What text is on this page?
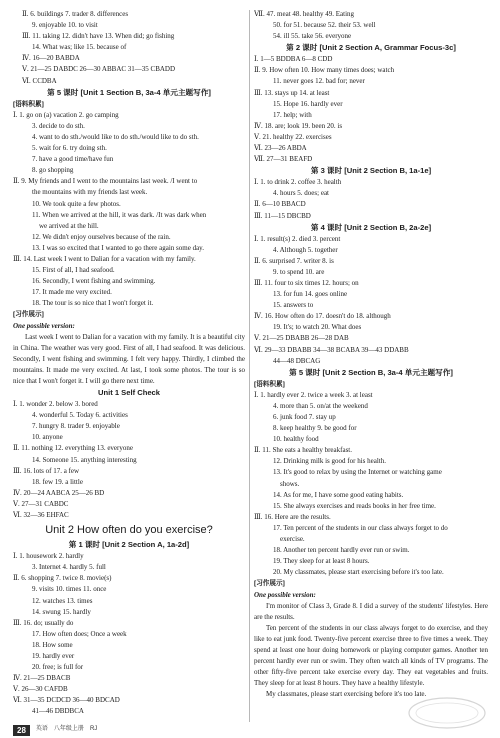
Ⅱ. 6. buildings 7. trader 8. differences
9. enjoyable 10. to visit
Ⅲ. 11. taking 12. didn't have 13. When did; go fishing
14. What was; like 15. because of
Ⅳ. 16—20 BABDA
Ⅴ. 21—25 DABDC 26—30 ABBAC 31—35 CBADD
Ⅵ. CCDBA
第 5 课时 [Unit 1 Section B, 3a-4 单元主题写作]
[语料积累]
Ⅰ. 1. go on (a) vacation 2. go camping
3. decide to do sth.
4. want to do sth./would like to do sth./would like to do sth.
5. wait for 6. try doing sth.
7. have a good time/have fun
8. go shopping
Ⅱ. 9. My friends and I went to the mountains last week. /I went to
the mountains with my friends last week.
10. We took quite a few photos.
11. When we arrived at the hill, it was dark. /It was dark when
we arrived at the hill.
12. We didn't enjoy ourselves because of the rain.
13. I was so excited that I wanted to go there again some day.
Ⅲ. 14. Last week I went to Dalian for a vacation with my family.
15. First of all, I had seafood.
16. Secondly, I went fishing and swimming.
17. It made me very excited.
18. The tour is so nice that I won't forget it.
[习作展示]
One possible version:
Last week I went to Dalian for a vacation with my family. It is a beautiful city in China. The weather was very good. First of all, I had seafood. It was delicious. Secondly, I went fishing and swimming. I felt very happy. Thirdly, I climbed the mountains. It made me very excited. At last, I took some photos. The tour is so nice that I won't forget it. I will go there next time.
Unit 1 Self Check
Ⅰ. 1. wonder 2. below 3. bored
4. wonderful 5. Today 6. activities
7. hungry 8. trader 9. enjoyable
10. anyone
Ⅱ. 11. nothing 12. everything 13. everyone
14. Someone 15. anything interesting
Ⅲ. 16. lots of 17. a few
18. few 19. a little
Ⅳ. 20—24 AABCA 25—26 BD
Ⅴ. 27—31 CABDC
Ⅵ. 32—36 EHFAC
Unit 2 How often do you exercise?
第 1 课时 [Unit 2 Section A, 1a-2d]
Ⅰ. 1. housework 2. hardly
3. Internet 4. hardly 5. full
Ⅱ. 6. shopping 7. twice 8. movie(s)
9. visits 10. times 11. once
12. watches 13. times
14. swung 15. hardly
Ⅲ. 16. do; usually do
17. How often does; Once a week
18. How some
19. hardly ever
20. free; is full for
Ⅳ. 21—25 DBACB
Ⅴ. 26—30 CAFDB
Ⅵ. 31—35 DCDCD 36—40 BDCAD
41—46 DBDBCA
Ⅶ. 47. meat 48. healthy 49. Eating
50. for 51. because 52. their 53. well
54. ill 55. take 56. everyone
第 2 课时 [Unit 2 Section A, Grammar Focus-3c]
Ⅰ. 1—5 BDDBA 6—8 CDD
Ⅱ. 9. How often 10. How many times does; watch
11. never goes 12. bad for; never
Ⅲ. 13. stays up 14. at least
15. Hope 16. hardly ever
17. help; with
Ⅳ. 18. are; look 19. been 20. is
Ⅴ. 21. healthy 22. exercises
Ⅵ. 23—26 ABDA
Ⅶ. 27—31 BEAFD
第 3 课时 [Unit 2 Section B, 1a-1e]
Ⅰ. 1. to drink 2. coffee 3. health
4. hours 5. does; eat
Ⅱ. 6—10 BBACD
Ⅲ. 11—15 DBCBD
第 4 课时 [Unit 2 Section B, 2a-2e]
Ⅰ. 1. result(s) 2. died 3. percent
4. Although 5. together
Ⅱ. 6. surprised 7. writer 8. is
9. to spend 10. are
Ⅲ. 11. four to six times 12. hours; on
13. for fun 14. goes online
15. answers to
Ⅳ. 16. How often do 17. doesn't do 18. although
19. It's; to watch 20. What does
Ⅴ. 21—25 DBABB 26—28 DAB
Ⅵ. 29—33 DBABB 34—38 BCABA 39—43 DDABB
44—48 DBCAG
第 5 课时 [Unit 2 Section B, 3a-4 单元主题写作]
[语料积累]
Ⅰ. 1. hardly ever 2. twice a week 3. at least
4. more than 5. on/at the weekend
6. junk food 7. stay up
8. keep healthy 9. be good for
10. healthy food
Ⅱ. 11. She eats a healthy breakfast.
12. Drinking milk is good for his health.
13. It's good to relax by using the Internet or watching game
shows.
14. As for me, I have some good eating habits.
15. She always exercises and reads books in her free time.
Ⅲ. 16. Here are the results.
17. Ten percent of the students in our class always forget to do
exercise.
18. Another ten percent hardly ever run or swim.
19. They sleep for at least 8 hours.
20. My classmates, please start exercising before it's too late.
[习作展示]
One possible version:
I'm monitor of Class 3, Grade 8. I did a survey of the students' lifestyles. Here are the results.
Ten percent of the students in our class always forget to do exercise, and they like to eat junk food. Twenty-five percent exercise three to five times a week. They spend at least one hour doing homework or playing computer games. Another ten percent hardly ever run or swim. They often watch all kinds of TV programs. The other fifty-five percent take exercise every day. They eat vegetables and fruits. They sleep for at least 8 hours. They have a healthy lifestyle.
My classmates, please start exercising before it's too late.
28	英语 八年级上册 RJ
